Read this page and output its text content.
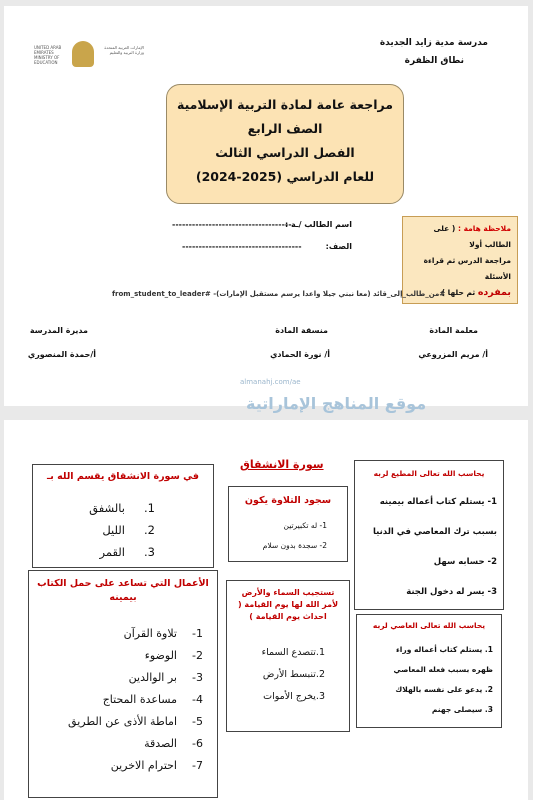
UNITED ARAB EMIRATES MINISTRY OF EDUCATION
الإمارات العربية المتحدة وزارة التربية والتعليم
مدرسة مدية زايد الجديدة
نطاق الظفرة
مراجعة عامة لمادة التربية الإسلامية
الصف الرابع
الفصل الدراسي الثالث
للعام الدراسي (2025-2024)
اسم الطالب /ـة :
------------------------------------
الصف:
------------------------------------
ملاحظة هامة : ( على الطالب أولا
مراجعة الدرس ثم قراءة الأسئلة
بمفرده ثم حلها )
#من_طالب_إلى_قائد (معا نبني جيلا واعدا يرسم مستقبل الإمارات)- #from_student_to_leader
معلمة المادة
أ/ مريم المزروعي
منسقة المادة
أ/ نورة الحمادي
مديرة المدرسة
أ/حمدة المنصوري
almanahj.com/ae
موقع المناهج الإماراتية
يحاسب الله تعالى المطيع لربه
1- يستلم كتاب أعماله بيمينه
بسبب ترك المعاصي في الدنيا
2- حسابه سهل
3- يسر له دخول الجنة
يحاسب الله تعالى العاصي لربه
1. يستلم كتاب أعماله وراء
ظهره بسبب فعله المعاصي
2. يدعو على نفسه بالهلاك
3. سيصلى جهنم
سورة الانشقاق
سجود التلاوة يكون
1- له تكبيرتين
2- سجدة بدون سلام
تستجيب السماء والأرض
لأمر الله لها يوم القيامة (
احداث يوم القيامة )
1.تتصدع السماء
2.تنبسط الأرض
3.يخرج الأموات
في سورة الانشقاق يقسم الله بـ
1.
بالشفق
2.
الليل
3.
القمر
الأعمال التي تساعد على حمل الكتاب
بيمينه
1-
تلاوة القرآن
2-
الوضوء
3-
بر الوالدين
4-
مساعدة المحتاج
5-
اماطة الأذى عن الطريق
6-
الصدقة
7-
احترام الاخرين
